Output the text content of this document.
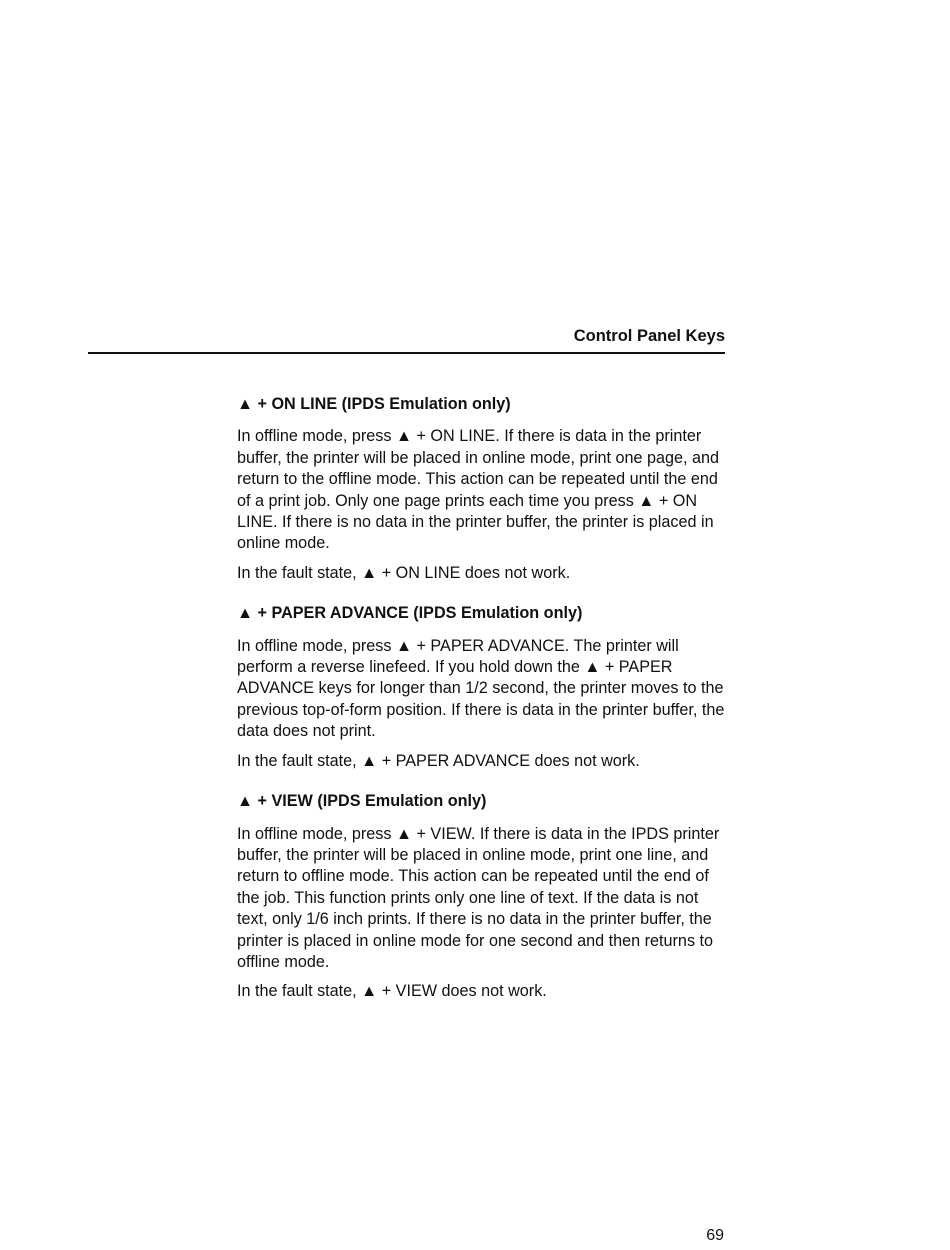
Control Panel Keys
▲ + ON LINE (IPDS Emulation only)

In offline mode, press ▲ + ON LINE. If there is data in the printer buffer, the printer will be placed in online mode, print one page, and return to the offline mode. This action can be repeated until the end of a print job. Only one page prints each time you press ▲ + ON LINE. If there is no data in the printer buffer, the printer is placed in online mode.

In the fault state, ▲ + ON LINE does not work.

▲ + PAPER ADVANCE (IPDS Emulation only)

In offline mode, press ▲ + PAPER ADVANCE. The printer will perform a reverse linefeed. If you hold down the ▲ + PAPER ADVANCE keys for longer than 1/2 second, the printer moves to the previous top-of-form position. If there is data in the printer buffer, the data does not print.

In the fault state, ▲ + PAPER ADVANCE does not work.

▲ + VIEW (IPDS Emulation only)

In offline mode, press ▲ + VIEW. If there is data in the IPDS printer buffer, the printer will be placed in online mode, print one line, and return to offline mode. This action can be repeated until the end of the job. This function prints only one line of text. If the data is not text, only 1/6 inch prints. If there is no data in the printer buffer, the printer is placed in online mode for one second and then returns to offline mode.

In the fault state, ▲ + VIEW does not work.

69
